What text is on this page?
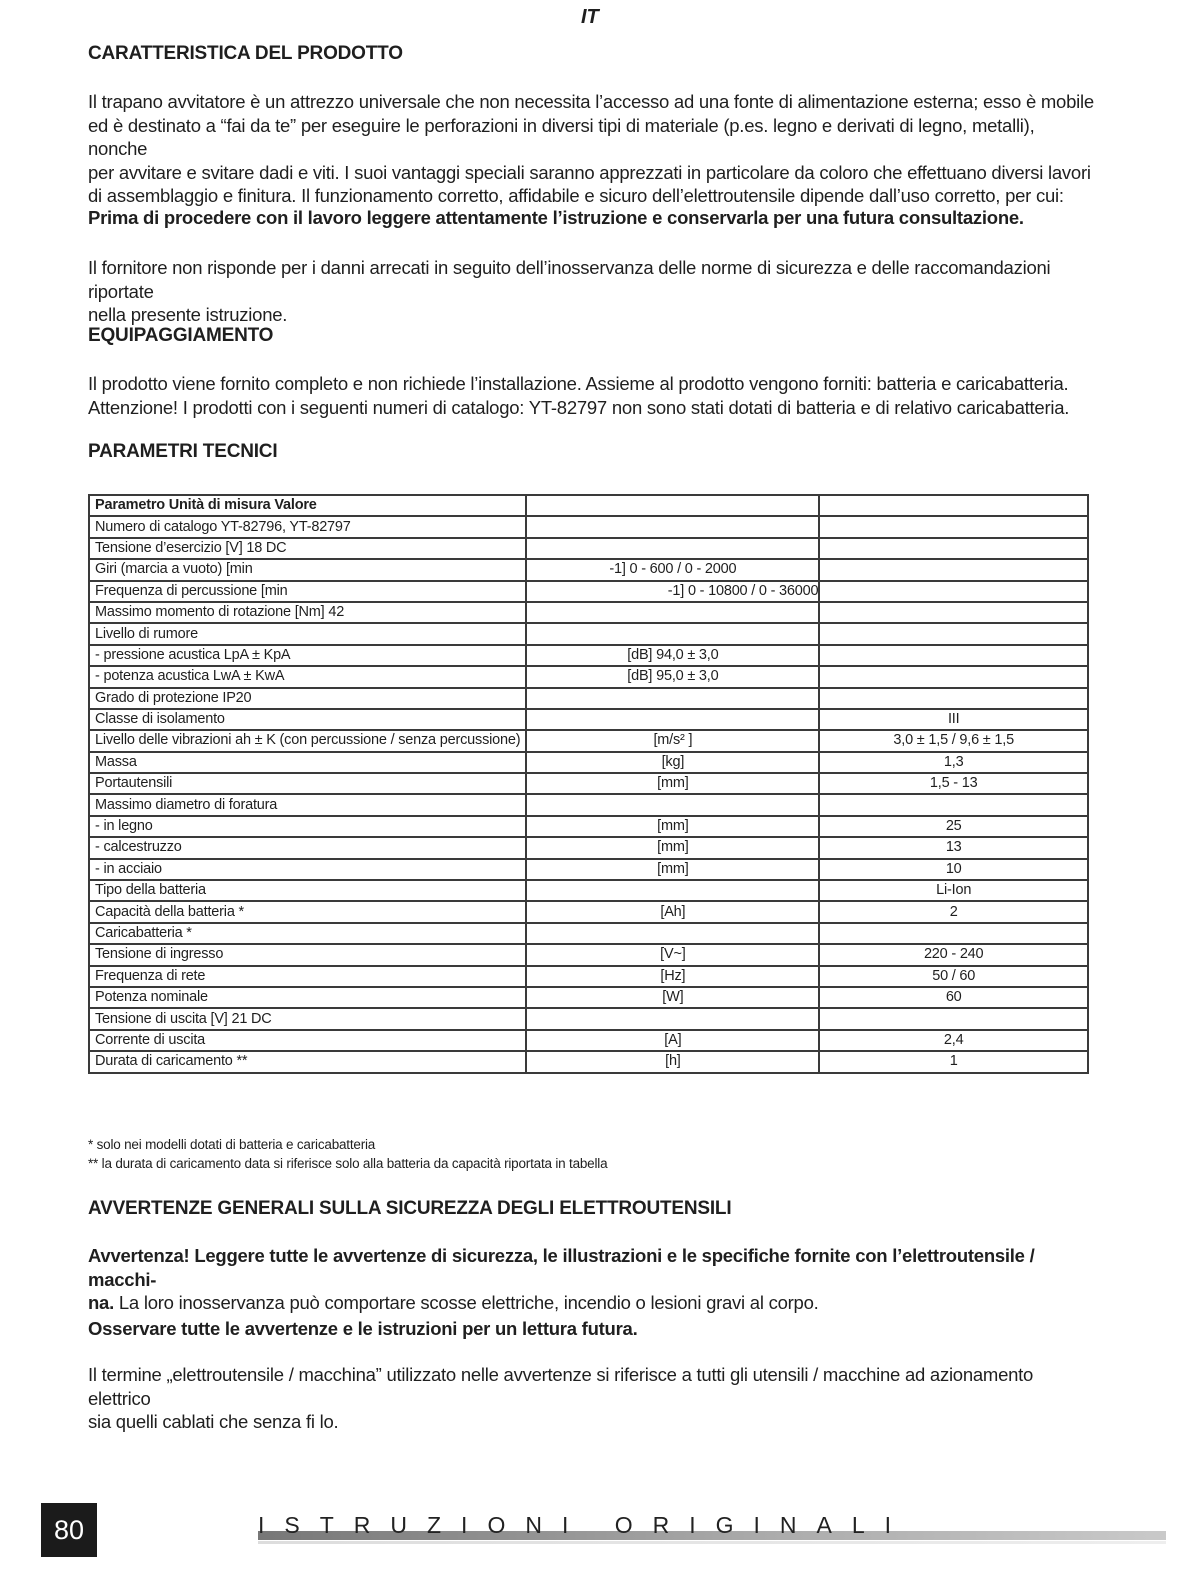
IT
CARATTERISTICA DEL PRODOTTO

Il trapano avvitatore è un attrezzo universale che non necessita l’accesso ad una fonte di alimentazione esterna; esso è mobile
ed è destinato a “fai da te” per eseguire le perforazioni in diversi tipi di materiale (p.es. legno e derivati di legno, metalli), nonche
per avvitare e svitare dadi e viti. I suoi vantaggi speciali saranno apprezzati in particolare da coloro che effettuano diversi lavori
di assemblaggio e finitura. Il funzionamento corretto, affidabile e sicuro dell’elettroutensile dipende dall’uso corretto, per cui:

Prima di procedere con il lavoro leggere attentamente l’istruzione e conservarla per una futura consultazione.

Il fornitore non risponde per i danni arrecati in seguito dell’inosservanza delle norme di sicurezza e delle raccomandazioni riportate
nella presente istruzione.

EQUIPAGGIAMENTO

Il prodotto viene fornito completo e non richiede l’installazione. Assieme al prodotto vengono forniti: batteria e caricabatteria.
Attenzione! I prodotti con i seguenti numeri di catalogo: YT-82797 non sono stati dotati di batteria e di relativo caricabatteria.

PARAMETRI TECNICI
Parametro Unità di misura Valore		
Numero di catalogo YT-82796, YT-82797		
Tensione d’esercizio [V] 18 DC		
Giri (marcia a vuoto) [min	-1] 0 - 600 / 0 - 2000	
Frequenza di percussione [min	-1] 0 - 10800 / 0 - 36000	
Massimo momento di rotazione [Nm] 42		
Livello di rumore		
- pressione acustica LpA ± KpA	[dB] 94,0 ± 3,0	
- potenza acustica LwA ± KwA	[dB] 95,0 ± 3,0	
Grado di protezione IP20		
Classe di isolamento		III
Livello delle vibrazioni ah ± K (con percussione / senza percussione)	[m/s² ]	3,0 ± 1,5 / 9,6 ± 1,5
Massa	[kg]	1,3
Portautensili	[mm]	1,5 - 13
Massimo diametro di foratura		
- in legno	[mm]	25
- calcestruzzo	[mm]	13
- in acciaio	[mm]	10
Tipo della batteria		Li-Ion
Capacità della batteria *	[Ah]	2
Caricabatteria *		
Tensione di ingresso	[V~]	220 - 240
Frequenza di rete	[Hz]	50 / 60
Potenza nominale	[W]	60
Tensione di uscita [V] 21 DC		
Corrente di uscita	[A]	2,4
Durata di caricamento **	[h]	1
* solo nei modelli dotati di batteria e caricabatteria
** la durata di caricamento data si riferisce solo alla batteria da capacità riportata in tabella
AVVERTENZE GENERALI SULLA SICUREZZA DEGLI ELETTROUTENSILI

Avvertenza! Leggere tutte le avvertenze di sicurezza, le illustrazioni e le specifiche fornite con l’elettroutensile / macchi-
na. La loro inosservanza può comportare scosse elettriche, incendio o lesioni gravi al corpo.

Osservare tutte le avvertenze e le istruzioni per un lettura futura.

Il termine „elettroutensile / macchina” utilizzato nelle avvertenze si riferisce a tutti gli utensili / macchine ad azionamento elettrico
sia quelli cablati che senza fi lo.

80	ISTRUZIONI ORIGINALI
